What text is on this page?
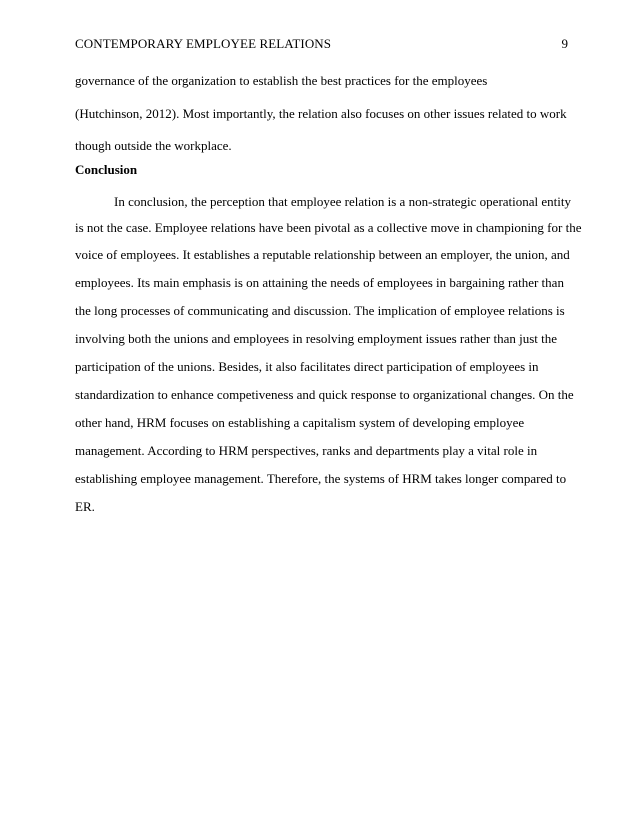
CONTEMPORARY EMPLOYEE RELATIONS	9
governance of the organization to establish the best practices for the employees
(Hutchinson, 2012). Most importantly, the relation also focuses on other issues related to work
though outside the workplace.
Conclusion
In conclusion, the perception that employee relation is a non-strategic operational entity
is not the case. Employee relations have been pivotal as a collective move in championing for the
voice of employees. It establishes a reputable relationship between an employer, the union, and
employees. Its main emphasis is on attaining the needs of employees in bargaining rather than
the long processes of communicating and discussion. The implication of employee relations is
involving both the unions and employees in resolving employment issues rather than just the
participation of the unions. Besides, it also facilitates direct participation of employees in
standardization to enhance competiveness and quick response to organizational changes. On the
other hand, HRM focuses on establishing a capitalism system of developing employee
management. According to HRM perspectives, ranks and departments play a vital role in
establishing employee management. Therefore, the systems of HRM takes longer compared to
ER.
